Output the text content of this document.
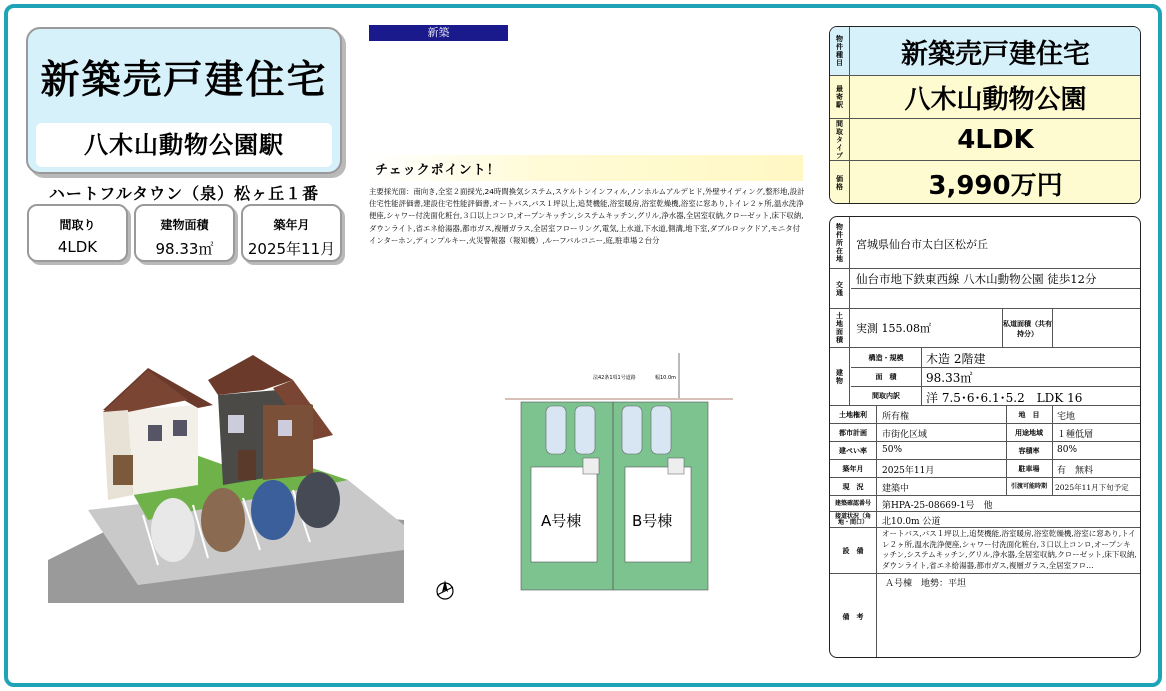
新築売戸建住宅
八木山動物公園駅
ハートフルタウン（泉）松ヶ丘１番
間取り
4LDK
建物面積
98.33㎡
築年月
2025年11月
新築
チェックポイント！
主要採光面：南向き,全室２面採光,24時間換気システム,スケルトンインフィル,ノンホルムアルデヒド,外壁サイディング,整形地,設計住宅性能評価書,建設住宅性能評価書,オートバス,バス１坪以上,追焚機能,浴室暖房,浴室乾燥機,浴室に窓あり,トイレ２ヶ所,温水洗浄便座,シャワー付洗面化粧台,３口以上コンロ,オープンキッチン,システムキッチン,グリル,浄水器,全居室収納,クローゼット,床下収納,ダウンライト,省エネ給湯器,都市ガス,複層ガラス,全居室フローリング,電気,上水道,下水道,側溝,地下室,ダブルロックドア,モニタ付インターホン,ディンプルキー,火災警報器（報知機）,ルーフバルコニー,庭,駐車場２台分
法42条1項1号道路	幅10.0m
A号棟	B号棟
物件種目	新築売戸建住宅
最寄駅	八木山動物公園
間取タイプ	4LDK
価格	3,990万円
物件所在地	宮城県仙台市太白区松が丘
交通
仙台市地下鉄東西線 八木山動物公園 徒歩12分
土地面積	実測 155.08㎡	私道面積（共有持分）
建物
構造・規模	木造 2階建
面　積	98.33㎡
間取内訳	洋 7.5･6･6.1･5.2　LDK 16
土地権利	所有権	地　目	宅地
都市計画	市街化区域	用途地域	１種低層
建ぺい率	50%	容積率	80%
築年月	2025年11月	駐車場	有　無料
現　況	建築中	引渡可能時期	2025年11月下旬予定
建築確認番号	第HPA-25-08669-1号　他
接道状況（角地・間口）	北10.0m 公道
設　備
オートバス,バス１坪以上,追焚機能,浴室暖房,浴室乾燥機,浴室に窓あり,トイレ２ヶ所,温水洗浄便座,シャワー付洗面化粧台,３口以上コンロ,オープンキッチン,システムキッチン,グリル,浄水器,全居室収納,クローゼット,床下収納,ダウンライト,省エネ給湯器,都市ガス,複層ガラス,全居室フロ…
備　考
Ａ号棟　地勢：平坦
